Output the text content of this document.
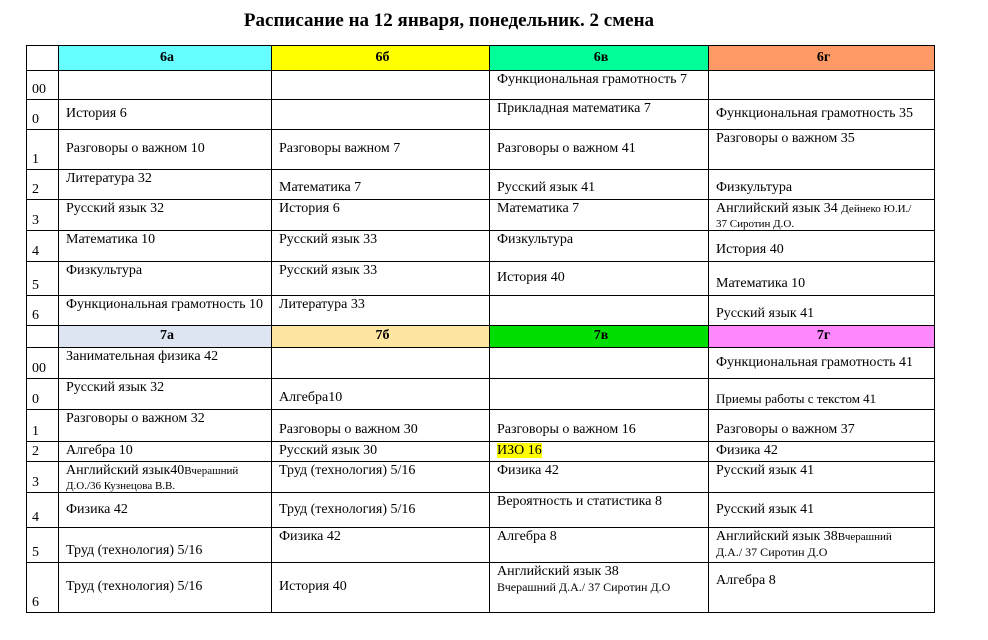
Расписание на 12 января, понедельник. 2 смена
	6а	6б	6в	6г
00			Функциональная грамотность 7	
0	История 6		Прикладная математика 7	Функциональная грамотность 35
1	Разговоры о важном 10	Разговоры важном 7	Разговоры о важном 41	Разговоры о важном 35
2	Литература 32	Математика 7	Русский язык 41	Физкультура
3	Русский язык 32	История 6	Математика 7	Английский язык 34 Дейнеко Ю.И./
37 Сиротин Д.О.

4	Математика 10	Русский язык 33	Физкультура	История 40
5	Физкультура	Русский язык 33	История 40	Математика 10
6	Функциональная грамотность 10	Литература 33		Русский язык 41
	7а	7б	7в	7г
00	Занимательная физика 42			Функциональная грамотность 41
0	Русский язык 32	Алгебра10		Приемы работы с текстом 41
1	Разговоры о важном 32	Разговоры о важном 30	Разговоры о важном 16	Разговоры о важном 37
2	Алгебра 10	Русский язык 30	ИЗО 16	Физика 42
3	Английский язык40Вчерашний
Д.О./36 Кузнецова В.В.	Труд (технология) 5/16	Физика 42	Русский язык 41
4	Физика 42	Труд (технология) 5/16	Вероятность и статистика 8	Русский язык 41
5	Труд (технология) 5/16	Физика 42	Алгебра 8	Английский язык 38Вчерашний
Д.А./ 37 Сиротин Д.О

6	Труд (технология) 5/16	История 40	Английский язык 38
Вчерашний Д.А./ 37 Сиротин Д.О	Алгебра 8
